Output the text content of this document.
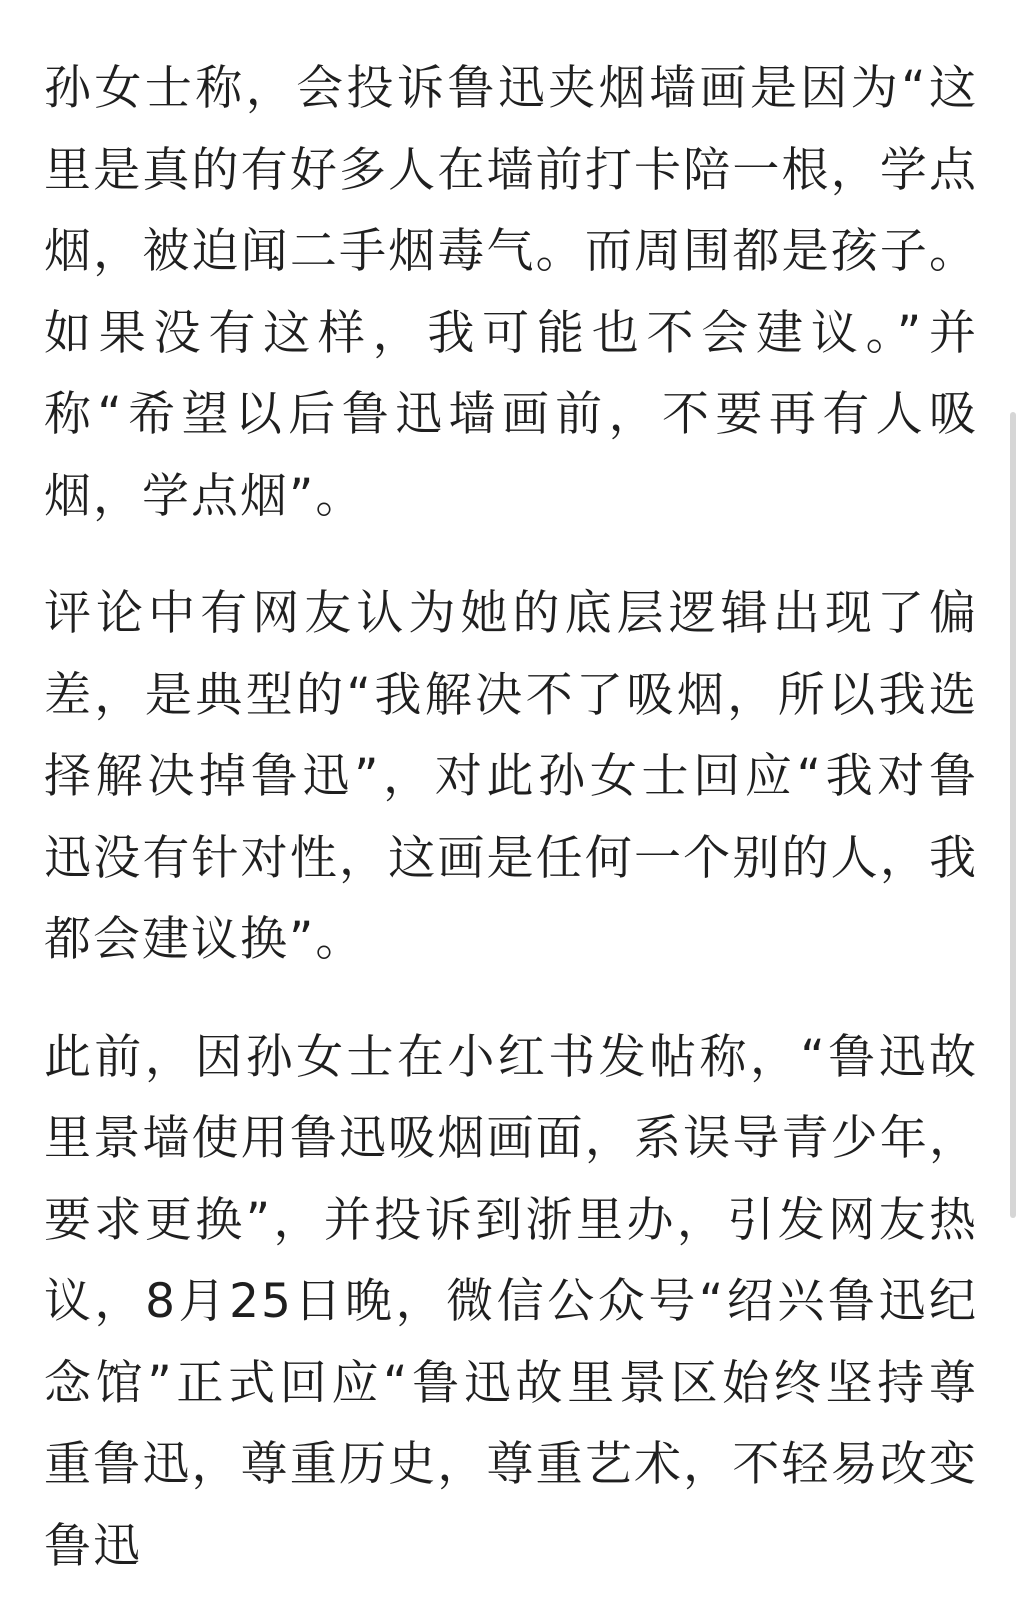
孙女士称，会投诉鲁迅夹烟墙画是因为“这里是真的有好多人在墙前打卡陪一根，学点烟，被迫闻二手烟毒气。而周围都是孩子。如果没有这样，我可能也不会建议。”并称“希望以后鲁迅墙画前，不要再有人吸烟，学点烟”。

评论中有网友认为她的底层逻辑出现了偏差，是典型的“我解决不了吸烟，所以我选择解决掉鲁迅”，对此孙女士回应“我对鲁迅没有针对性，这画是任何一个别的人，我都会建议换”。

此前，因孙女士在小红书发帖称，“鲁迅故里景墙使用鲁迅吸烟画面，系误导青少年，要求更换”，并投诉到浙里办，引发网友热议，8月25日晚，微信公众号“绍兴鲁迅纪念馆”正式回应“鲁迅故里景区始终坚持尊重鲁迅，尊重历史，尊重艺术，不轻易改变鲁迅
